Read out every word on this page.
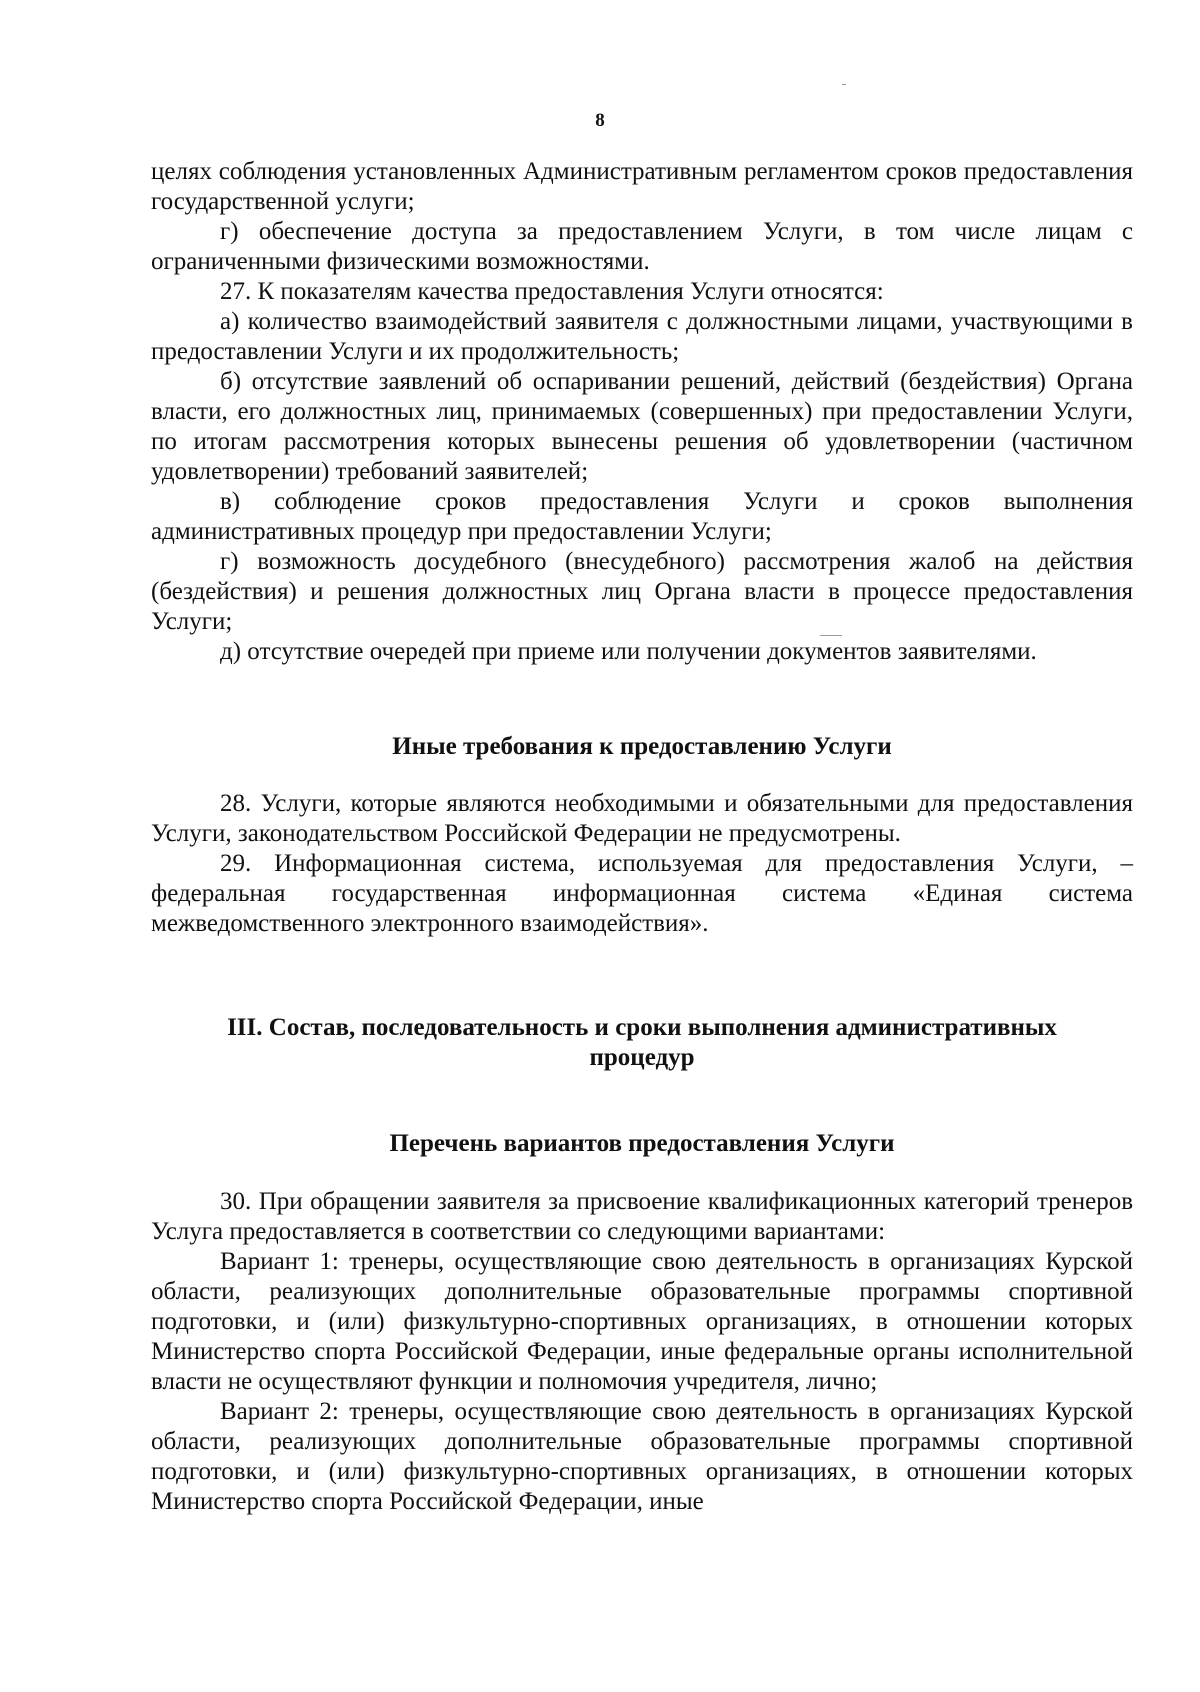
8

целях соблюдения установленных Административным регламентом сроков предоставления государственной услуги;

г) обеспечение доступа за предоставлением Услуги, в том числе лицам с ограниченными физическими возможностями.

27. К показателям качества предоставления Услуги относятся:

а) количество взаимодействий заявителя с должностными лицами, участвующими в предоставлении Услуги и их продолжительность;

б) отсутствие заявлений об оспаривании решений, действий (бездействия) Органа власти, его должностных лиц, принимаемых (совершенных) при предоставлении Услуги, по итогам рассмотрения которых вынесены решения об удовлетворении (частичном удовлетворении) требований заявителей;

в) соблюдение сроков предоставления Услуги и сроков выполнения административных процедур при предоставлении Услуги;

г) возможность досудебного (внесудебного) рассмотрения жалоб на действия (бездействия) и решения должностных лиц Органа власти в процессе предоставления Услуги;

д) отсутствие очередей при приеме или получении документов заявителями.

Иные требования к предоставлению Услуги

28. Услуги, которые являются необходимыми и обязательными для предоставления Услуги, законодательством Российской Федерации не предусмотрены.

29. Информационная система, используемая для предоставления Услуги, – федеральная государственная информационная система «Единая система межведомственного электронного взаимодействия».

III. Состав, последовательность и сроки выполнения административных процедур

Перечень вариантов предоставления Услуги

30. При обращении заявителя за присвоение квалификационных категорий тренеров Услуга предоставляется в соответствии со следующими вариантами:

Вариант 1: тренеры, осуществляющие свою деятельность в организациях Курской области, реализующих дополнительные образовательные программы спортивной подготовки, и (или) физкультурно-спортивных организациях, в отношении которых Министерство спорта Российской Федерации, иные федеральные органы исполнительной власти не осуществляют функции и полномочия учредителя, лично;

Вариант 2: тренеры, осуществляющие свою деятельность в организациях Курской области, реализующих дополнительные образовательные программы спортивной подготовки, и (или) физкультурно-спортивных организациях, в отношении которых Министерство спорта Российской Федерации, иные
